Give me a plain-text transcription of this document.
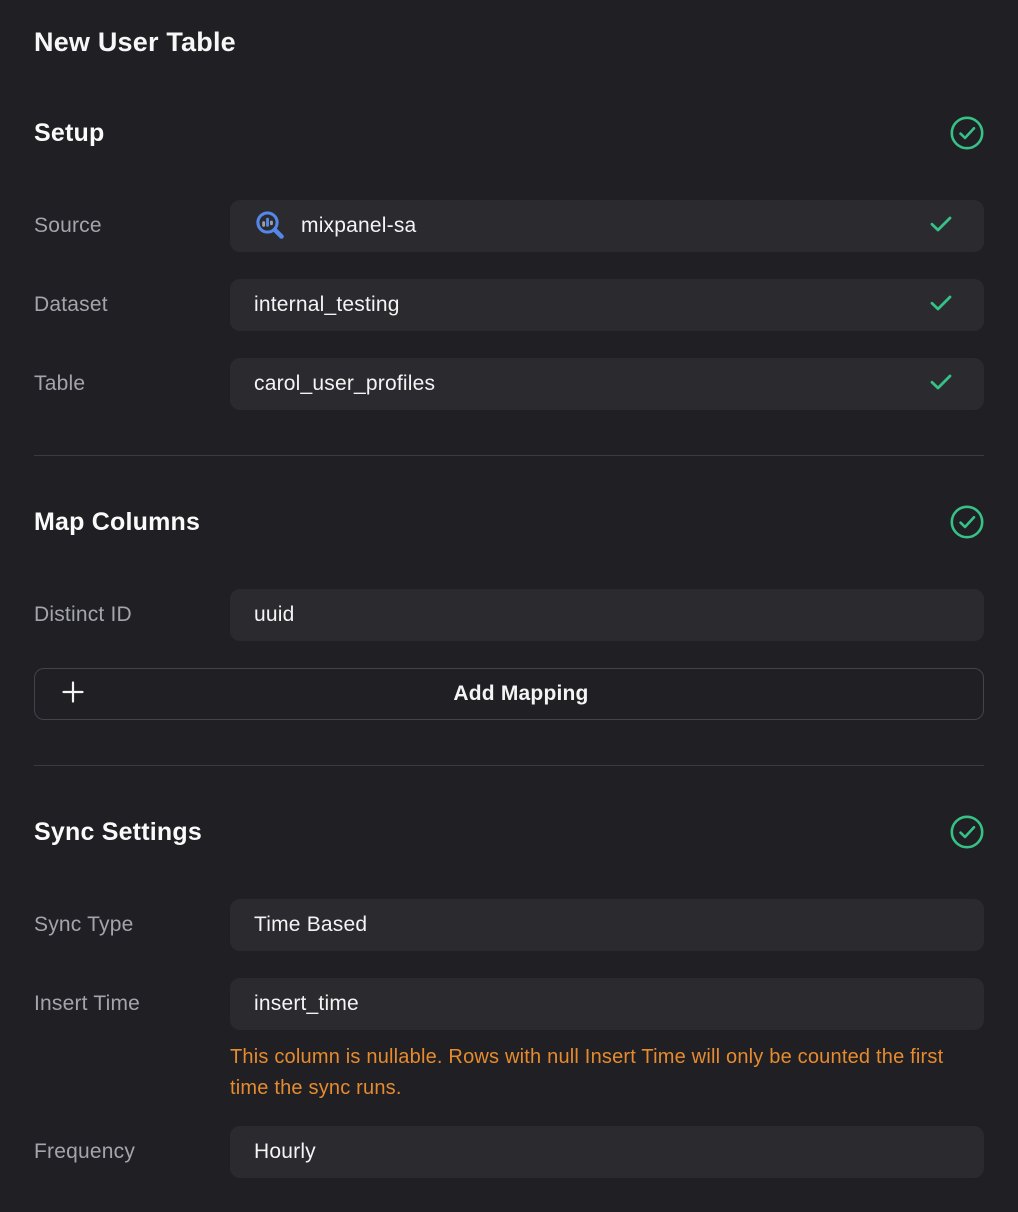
New User Table
Setup
Source	mixpanel-sa
Dataset	internal_testing
Table	carol_user_profiles
Map Columns
Distinct ID	uuid
Add Mapping
Sync Settings
Sync Type	Time Based
Insert Time	insert_time
This column is nullable. Rows with null Insert Time will only be counted the first time the sync runs.
Frequency	Hourly
